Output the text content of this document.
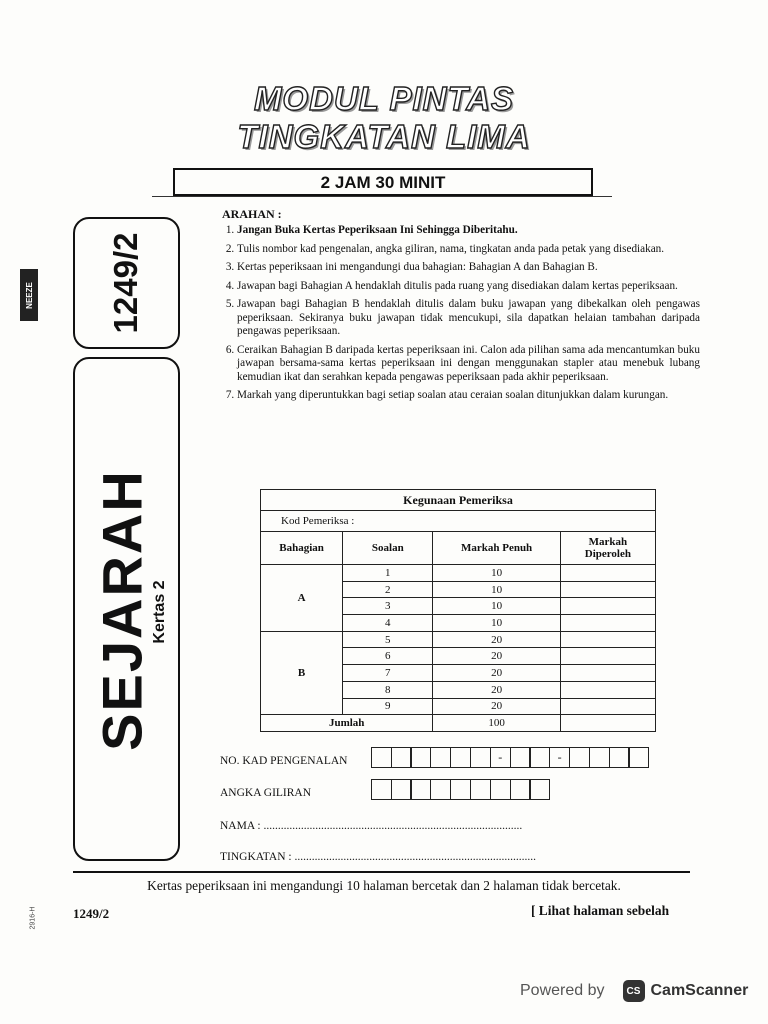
MODUL PINTAS
TINGKATAN LIMA
2 JAM 30 MINIT
NEEZE 1249/2
SEJARAH
Kertas 2
ARAHAN :
1. Jangan Buka Kertas Peperiksaan Ini Sehingga Diberitahu.
2. Tulis nombor kad pengenalan, angka giliran, nama, tingkatan anda pada petak yang disediakan.
3. Kertas peperiksaan ini mengandungi dua bahagian: Bahagian A dan Bahagian B.
4. Jawapan bagi Bahagian A hendaklah ditulis pada ruang yang disediakan dalam kertas peperiksaan.
5. Jawapan bagi Bahagian B hendaklah ditulis dalam buku jawapan yang dibekalkan oleh pengawas peperiksaan. Sekiranya buku jawapan tidak mencukupi, sila dapatkan helaian tambahan daripada pengawas peperiksaan.
6. Ceraikan Bahagian B daripada kertas peperiksaan ini. Calon ada pilihan sama ada mencantumkan buku jawapan bersama-sama kertas peperiksaan ini dengan menggunakan stapler atau menebuk lubang kemudian ikat dan serahkan kepada pengawas peperiksaan pada akhir peperiksaan.
7. Markah yang diperuntukkan bagi setiap soalan atau ceraian soalan ditunjukkan dalam kurungan.
Kegunaan Pemeriksa			
Kod Pemeriksa :			
Bahagian	Soalan	Markah Penuh	Markah Diperoleh
A	1	10	
	2	10	
	3	10	
	4	10	
B	5	20	
	6	20	
	7	20	
	8	20	
	9	20	
Jumlah		100	
NO. KAD PENGENALAN	-	-
ANGKA GILIRAN
NAMA : ..........................................................................................
TINGKATAN : ....................................................................................
Kertas peperiksaan ini mengandungi 10 halaman bercetak dan 2 halaman tidak bercetak.
1249/2	[ Lihat halaman sebelah
2916-H
Powered by	CS CamScanner
